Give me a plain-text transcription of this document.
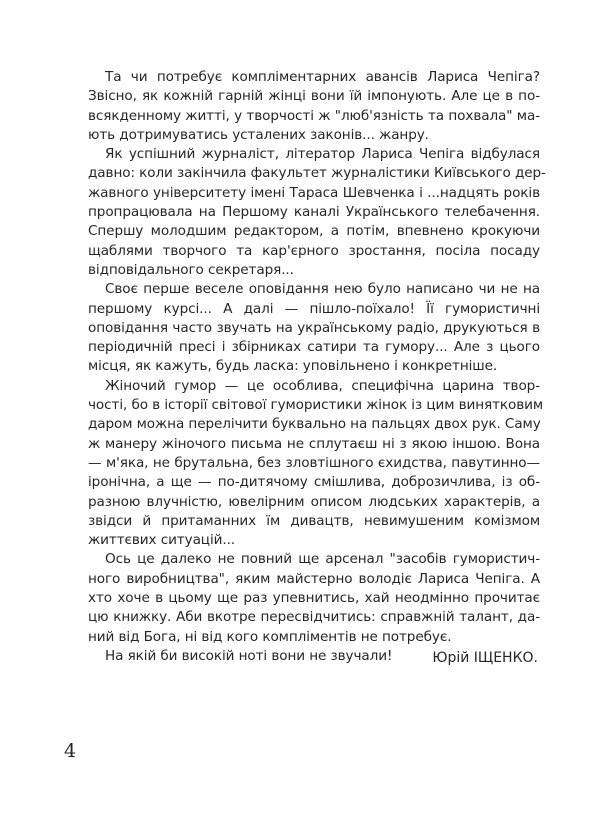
Та чи потребує компліментарних авансів Лариса Чепіга?
Звісно, як кожній гарній жінці вони їй імпонують. Але це в по-
всякденному житті, у творчості ж "люб'язність та похвала" ма-
ють дотримуватись усталених законів... жанру.
Як успішний журналіст, літератор Лариса Чепіга відбулася
давно: коли закінчила факультет журналістики Київського дер-
жавного університету імені Тараса Шевченка і ...надцять років
пропрацювала на Першому каналі Українського телебачення.
Спершу молодшим редактором, а потім, впевнено крокуючи
щаблями творчого та кар'єрного зростання, посіла посаду
відповідального секретаря...
Своє перше веселе оповідання нею було написано чи не на
першому курсі... А далі — пішло-поїхало! Її гумористичні
оповідання часто звучать на українському радіо, друкуються в
періодичній пресі і збірниках сатири та гумору... Але з цього
місця, як кажуть, будь ласка: уповільнено і конкретніше.
Жіночий гумор — це особлива, специфічна царина твор-
чості, бо в історії світової гумористики жінок із цим винятковим
даром можна перелічити буквально на пальцях двох рук. Саму
ж манеру жіночого письма не сплутаєш ні з якою іншою. Вона
— м'яка, не брутальна, без зловтішного єхидства, павутинно—
іронічна, а ще — по-дитячому смішлива, доброзичлива, із об-
разною влучністю, ювелірним описом людських характерів, а
звідси й притаманних їм дивацтв, невимушеним комізмом
життєвих ситуацій...
Ось це далеко не повний ще арсенал "засобів гумористич-
ного виробництва", яким майстерно володіє Лариса Чепіга. А
хто хоче в цьому ще раз упевнитись, хай неодмінно прочитає
цю книжку. Аби вкотре пересвідчитись: справжній талант, да-
ний від Бога, ні від кого компліментів не потребує.
На якій би високій ноті вони не звучали!	Юрій ІЩЕНКО.
4
